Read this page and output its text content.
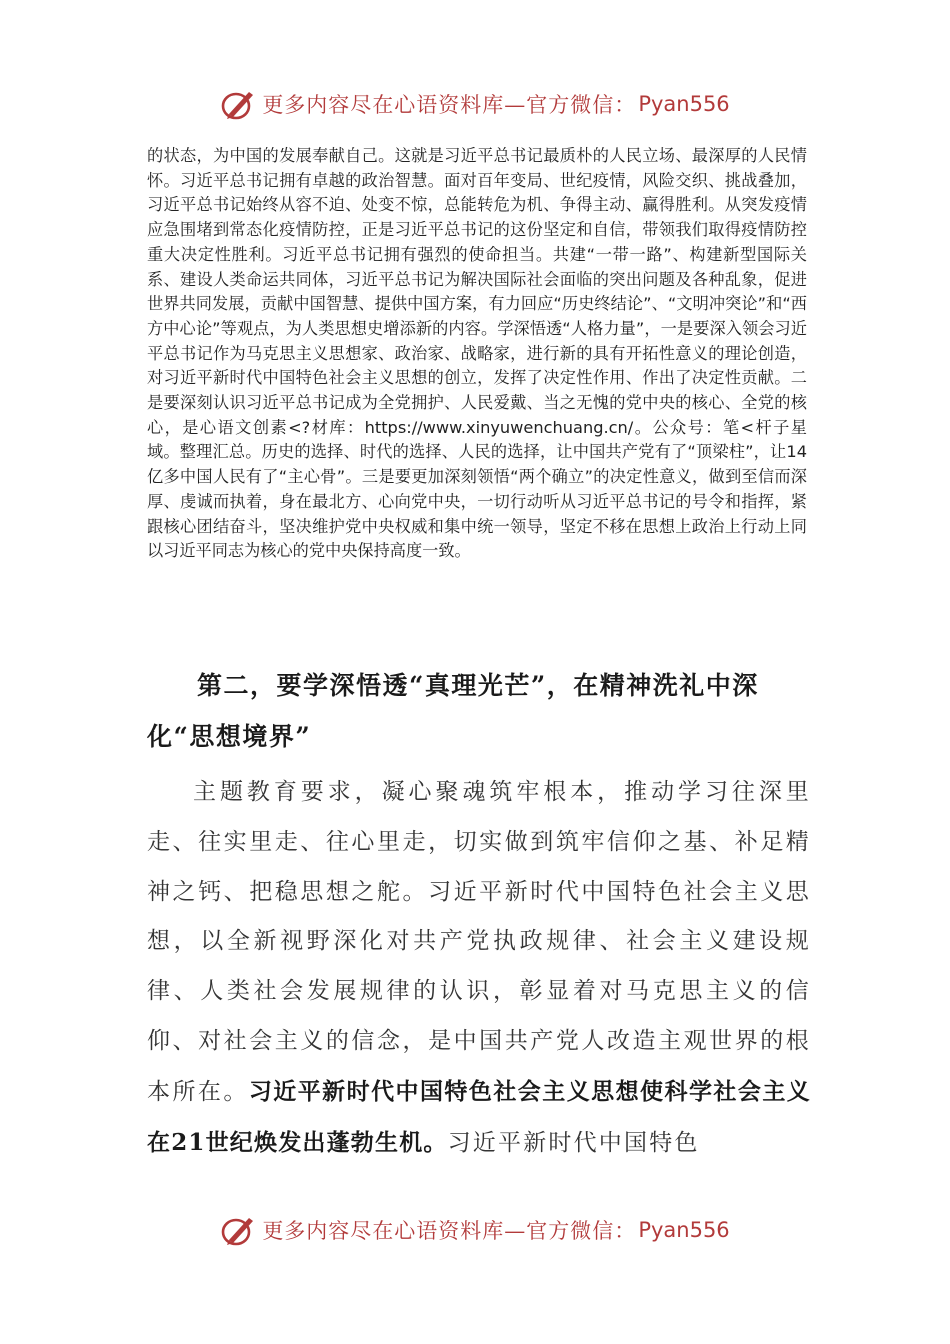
更多内容尽在心语资料库—官方微信： Pyan556

的状态，为中国的发展奉献自己。这就是习近平总书记最质朴的人民立场、最深厚的人民情怀。习近平总书记拥有卓越的政治智慧。面对百年变局、世纪疫情，风险交织、挑战叠加，习近平总书记始终从容不迫、处变不惊，总能转危为机、争得主动、赢得胜利。从突发疫情应急围堵到常态化疫情防控，正是习近平总书记的这份坚定和自信，带领我们取得疫情防控重大决定性胜利。习近平总书记拥有强烈的使命担当。共建“一带一路”、构建新型国际关系、建设人类命运共同体，习近平总书记为解决国际社会面临的突出问题及各种乱象，促进世界共同发展，贡献中国智慧、提供中国方案，有力回应“历史终结论”、“文明冲突论”和“西方中心论”等观点，为人类思想史增添新的内容。学深悟透“人格力量”，一是要深入领会习近平总书记作为马克思主义思想家、政治家、战略家，进行新的具有开拓性意义的理论创造，对习近平新时代中国特色社会主义思想的创立，发挥了决定性作用、作出了决定性贡献。二是要深刻认识习近平总书记成为全党拥护、人民爱戴、当之无愧的党中央的核心、全党的核心，是心语文创素<?材库：https://www.xinyuwenchuang.cn/。公众号：笔<杆子星域。整理汇总。历史的选择、时代的选择、人民的选择，让中国共产党有了“顶梁柱”，让14亿多中国人民有了“主心骨”。三是要更加深刻领悟“两个确立”的决定性意义，做到至信而深厚、虔诚而执着，身在最北方、心向党中央，一切行动听从习近平总书记的号令和指挥，紧跟核心团结奋斗，坚决维护党中央权威和集中统一领导，坚定不移在思想上政治上行动上同以习近平同志为核心的党中央保持高度一致。

第二，要学深悟透“真理光芒”，在精神洗礼中深化“思想境界”

主题教育要求，凝心聚魂筑牢根本，推动学习往深里走、往实里走、往心里走，切实做到筑牢信仰之基、补足精神之钙、把稳思想之舵。习近平新时代中国特色社会主义思想，以全新视野深化对共产党执政规律、社会主义建设规律、人类社会发展规律的认识，彰显着对马克思主义的信仰、对社会主义的信念，是中国共产党人改造主观世界的根本所在。习近平新时代中国特色社会主义思想使科学社会主义在21世纪焕发出蓬勃生机。习近平新时代中国特色

更多内容尽在心语资料库—官方微信： Pyan556
